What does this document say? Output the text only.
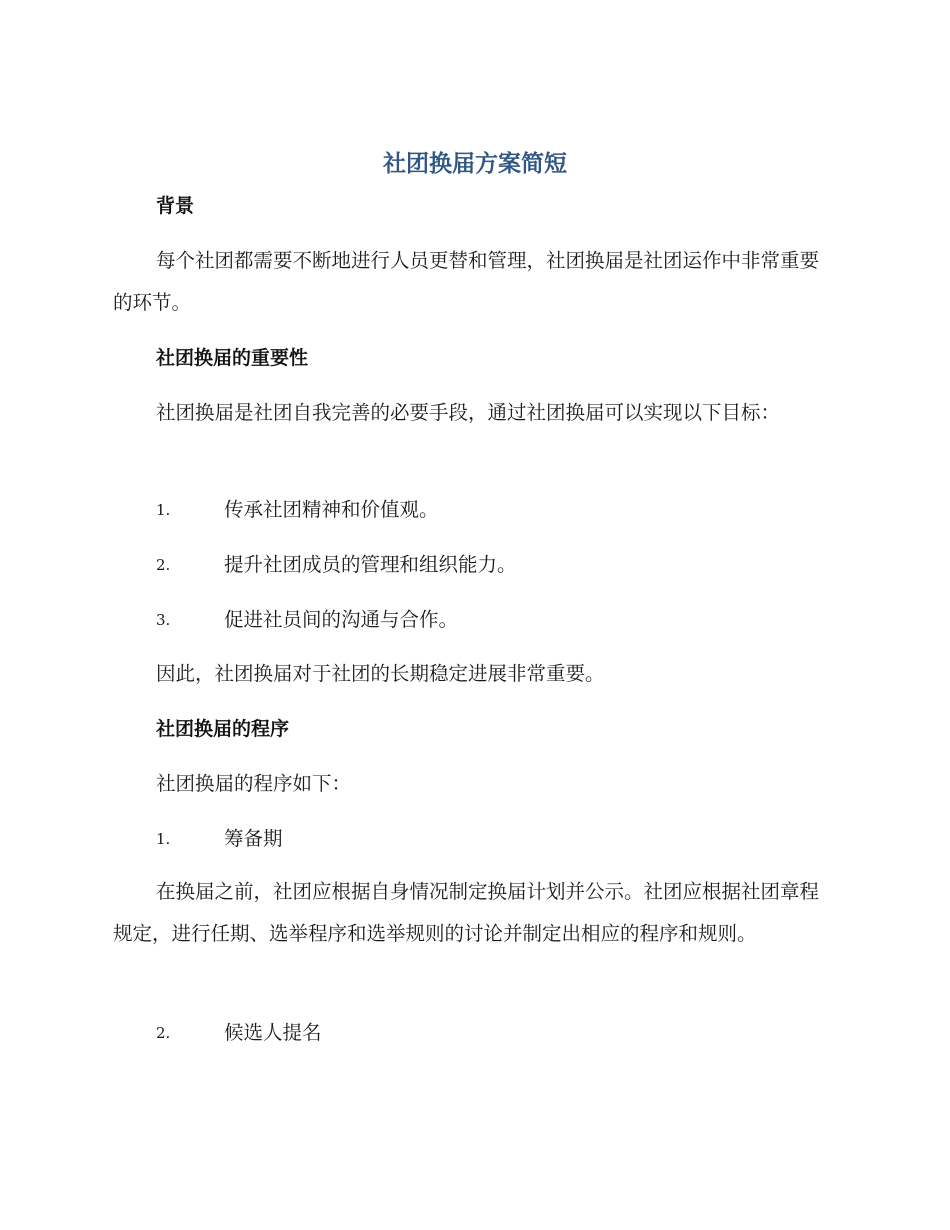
社团换届方案简短
背景
每个社团都需要不断地进行人员更替和管理，社团换届是社团运作中非常重要的环节。
社团换届的重要性
社团换届是社团自我完善的必要手段，通过社团换届可以实现以下目标：
1.	传承社团精神和价值观。
2.	提升社团成员的管理和组织能力。
3.	促进社员间的沟通与合作。
因此，社团换届对于社团的长期稳定进展非常重要。
社团换届的程序
社团换届的程序如下：
1.	筹备期
在换届之前，社团应根据自身情况制定换届计划并公示。社团应根据社团章程规定，进行任期、选举程序和选举规则的讨论并制定出相应的程序和规则。
2.	候选人提名
